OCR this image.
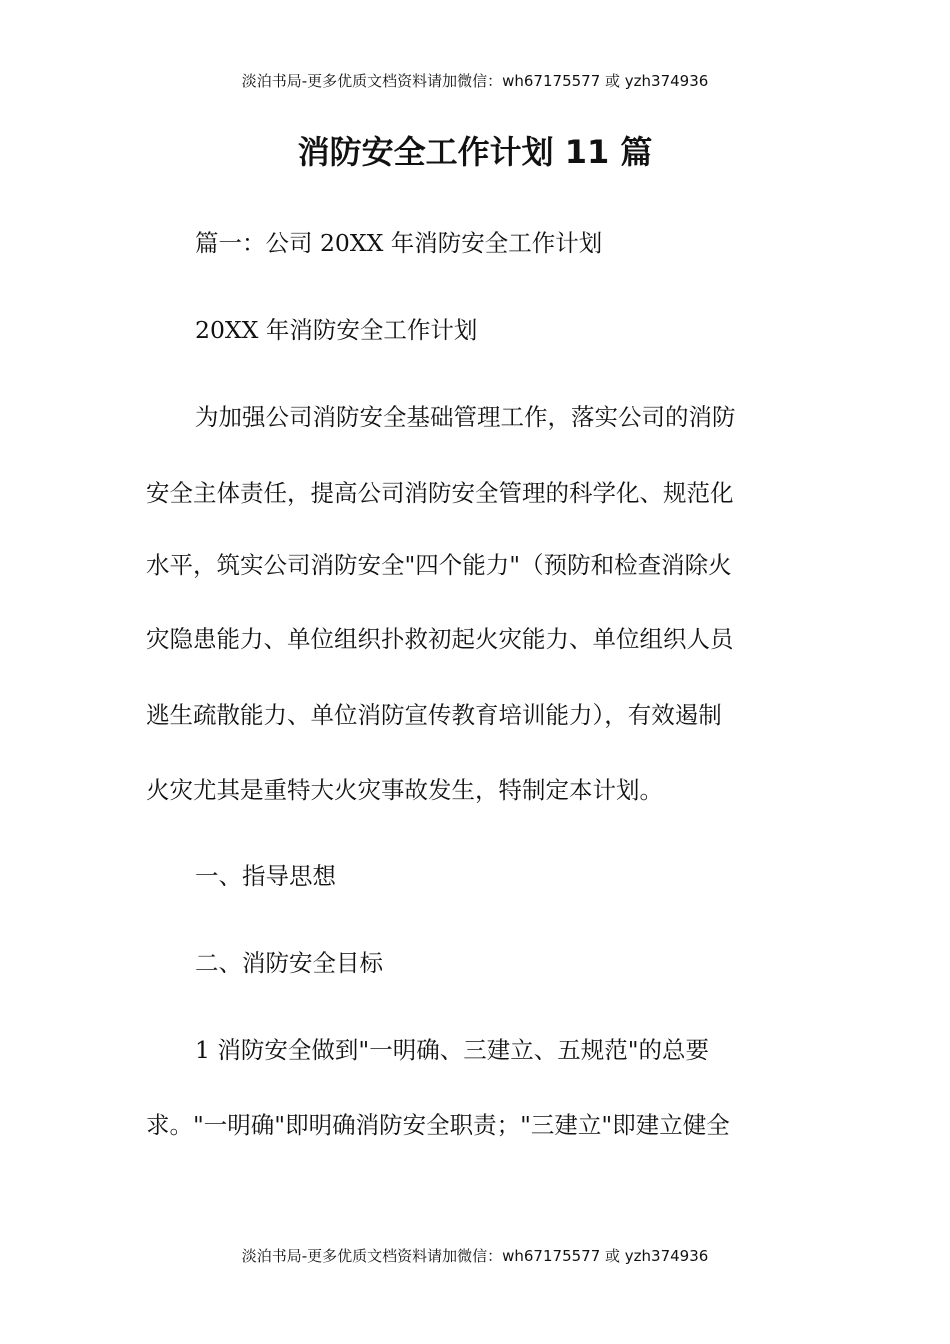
淡泊书局-更多优质文档资料请加微信：wh67175577 或 yzh374936
消防安全工作计划 11 篇
篇一：公司 20XX 年消防安全工作计划
20XX 年消防安全工作计划
为加强公司消防安全基础管理工作，落实公司的消防
安全主体责任，提高公司消防安全管理的科学化、规范化
水平，筑实公司消防安全"四个能力"（预防和检查消除火
灾隐患能力、单位组织扑救初起火灾能力、单位组织人员
逃生疏散能力、单位消防宣传教育培训能力），有效遏制
火灾尤其是重特大火灾事故发生，特制定本计划。
一、指导思想
二、消防安全目标
1 消防安全做到"一明确、三建立、五规范"的总要
求。"一明确"即明确消防安全职责；"三建立"即建立健全
淡泊书局-更多优质文档资料请加微信：wh67175577 或 yzh374936
